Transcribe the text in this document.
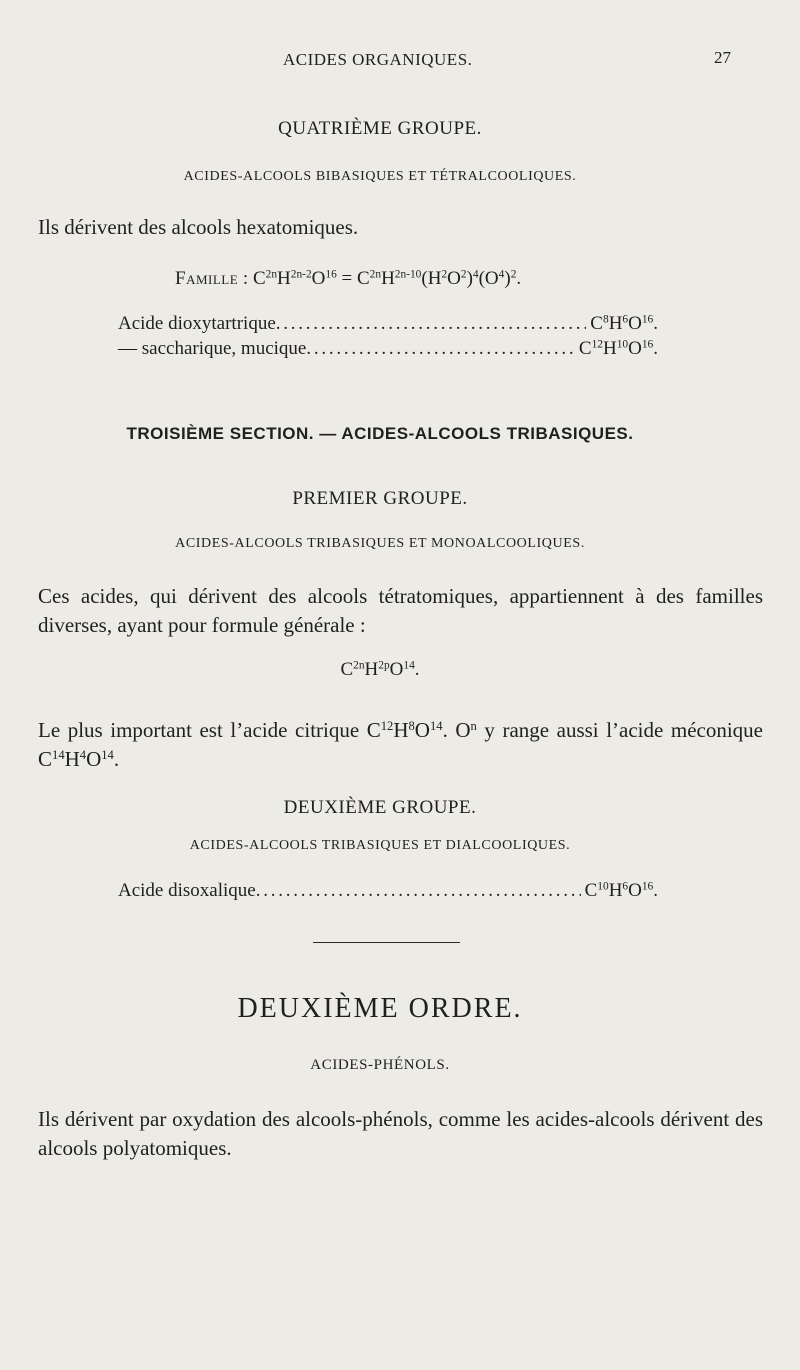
ACIDES ORGANIQUES.	27
QUATRIÈME GROUPE.
ACIDES-ALCOOLS BIBASIQUES ET TÉTRALCOOLIQUES.
Ils dérivent des alcools hexatomiques.
Famille : $C^{2n}H^{2n-2}O^{16} = C^{2n}H^{2n-10}(H^2O^2)^4(O^4)^2$.
Acide dioxytartrique . . .	$C^8H^6O^{16}$.
— saccharique, mucique . . .	$C^{12}H^{10}O^{16}$.
TROISIÈME SECTION. — ACIDES-ALCOOLS TRIBASIQUES.
PREMIER GROUPE.
ACIDES-ALCOOLS TRIBASIQUES ET MONOALCOOLIQUES.
Ces acides, qui dérivent des alcools tétratomiques, appartiennent à des familles diverses, ayant pour formule générale :
$C^{2n}H^{2p}O^{14}$.
Le plus important est l’acide citrique $C^{12}H^8O^{14}$. $O^n$ y range aussi l’acide méconique $C^{14}H^4O^{14}$.
DEUXIÈME GROUPE.
ACIDES-ALCOOLS TRIBASIQUES ET DIALCOOLIQUES.
Acide disoxalique . . .	$C^{10}H^6O^{16}$.
DEUXIÈME ORDRE.
ACIDES-PHÉNOLS.
Ils dérivent par oxydation des alcools-phénols, comme les acides-alcools dérivent des alcools polyatomiques.
